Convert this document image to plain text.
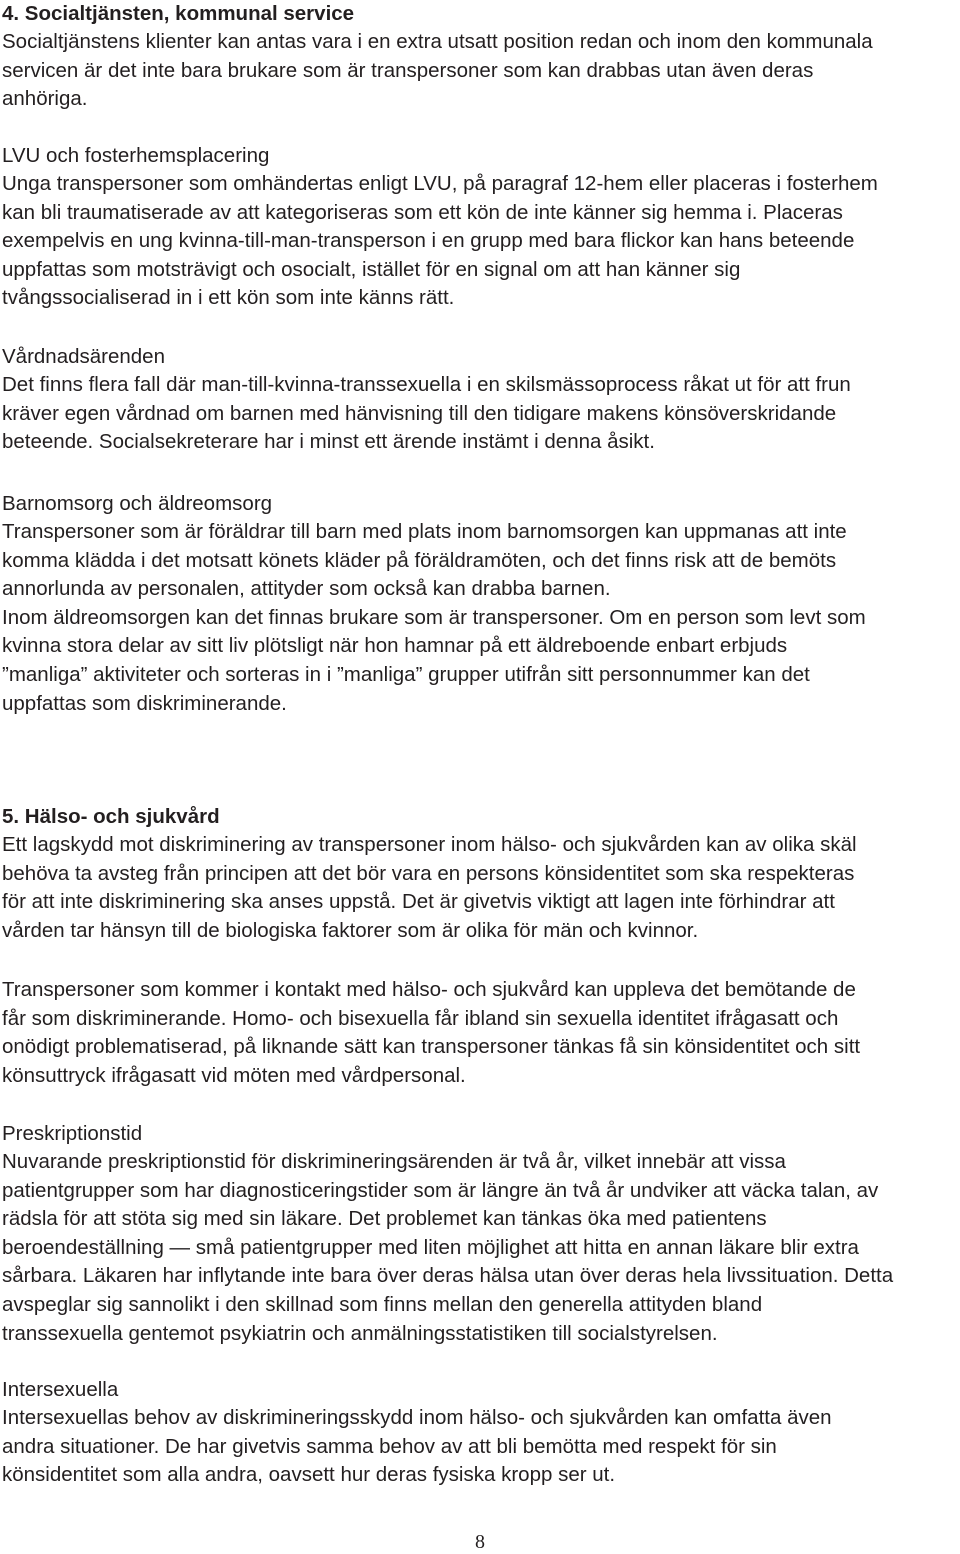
4. Socialtjänsten, kommunal service
Socialtjänstens klienter kan antas vara i en extra utsatt position redan och inom den kommunala
servicen är det inte bara brukare som är transpersoner som kan drabbas utan även deras
anhöriga.
LVU och fosterhemsplacering
Unga transpersoner som omhändertas enligt LVU, på paragraf 12-hem eller placeras i fosterhem
kan bli traumatiserade av att kategoriseras som ett kön de inte känner sig hemma i. Placeras
exempelvis en ung kvinna-till-man-transperson i en grupp med bara flickor kan hans beteende
uppfattas som motsträvigt och osocialt, istället för en signal om att han känner sig
tvångssocialiserad in i ett kön som inte känns rätt.
Vårdnadsärenden
Det finns flera fall där man-till-kvinna-transsexuella i en skilsmässoprocess råkat ut för att frun
kräver egen vårdnad om barnen med hänvisning till den tidigare makens könsöverskridande
beteende. Socialsekreterare har i minst ett ärende instämt i denna åsikt.
Barnomsorg och äldreomsorg
Transpersoner som är föräldrar till barn med plats inom barnomsorgen kan uppmanas att inte
komma klädda i det motsatt könets kläder på föräldramöten, och det finns risk att de bemöts
annorlunda av personalen, attityder som också kan drabba barnen.
Inom äldreomsorgen kan det finnas brukare som är transpersoner. Om en person som levt som
kvinna stora delar av sitt liv plötsligt när hon hamnar på ett äldreboende enbart erbjuds
”manliga” aktiviteter och sorteras in i ”manliga” grupper utifrån sitt personnummer kan det
uppfattas som diskriminerande.
5. Hälso- och sjukvård
Ett lagskydd mot diskriminering av transpersoner inom hälso- och sjukvården kan av olika skäl
behöva ta avsteg från principen att det bör vara en persons könsidentitet som ska respekteras
för att inte diskriminering ska anses uppstå. Det är givetvis viktigt att lagen inte förhindrar att
vården tar hänsyn till de biologiska faktorer som är olika för män och kvinnor.
Transpersoner som kommer i kontakt med hälso- och sjukvård kan uppleva det bemötande de
får som diskriminerande. Homo- och bisexuella får ibland sin sexuella identitet ifrågasatt och
onödigt problematiserad, på liknande sätt kan transpersoner tänkas få sin könsidentitet och sitt
könsuttryck ifrågasatt vid möten med vårdpersonal.
Preskriptionstid
Nuvarande preskriptionstid för diskrimineringsärenden är två år, vilket innebär att vissa
patientgrupper som har diagnosticeringstider som är längre än två år undviker att väcka talan, av
rädsla för att stöta sig med sin läkare. Det problemet kan tänkas öka med patientens
beroendeställning — små patientgrupper med liten möjlighet att hitta en annan läkare blir extra
sårbara. Läkaren har inflytande inte bara över deras hälsa utan över deras hela livssituation. Detta
avspeglar sig sannolikt i den skillnad som finns mellan den generella attityden bland
transsexuella gentemot psykiatrin och anmälningsstatistiken till socialstyrelsen.
Intersexuella
Intersexuellas behov av diskrimineringsskydd inom hälso- och sjukvården kan omfatta även
andra situationer. De har givetvis samma behov av att bli bemötta med respekt för sin
könsidentitet som alla andra, oavsett hur deras fysiska kropp ser ut.
8
